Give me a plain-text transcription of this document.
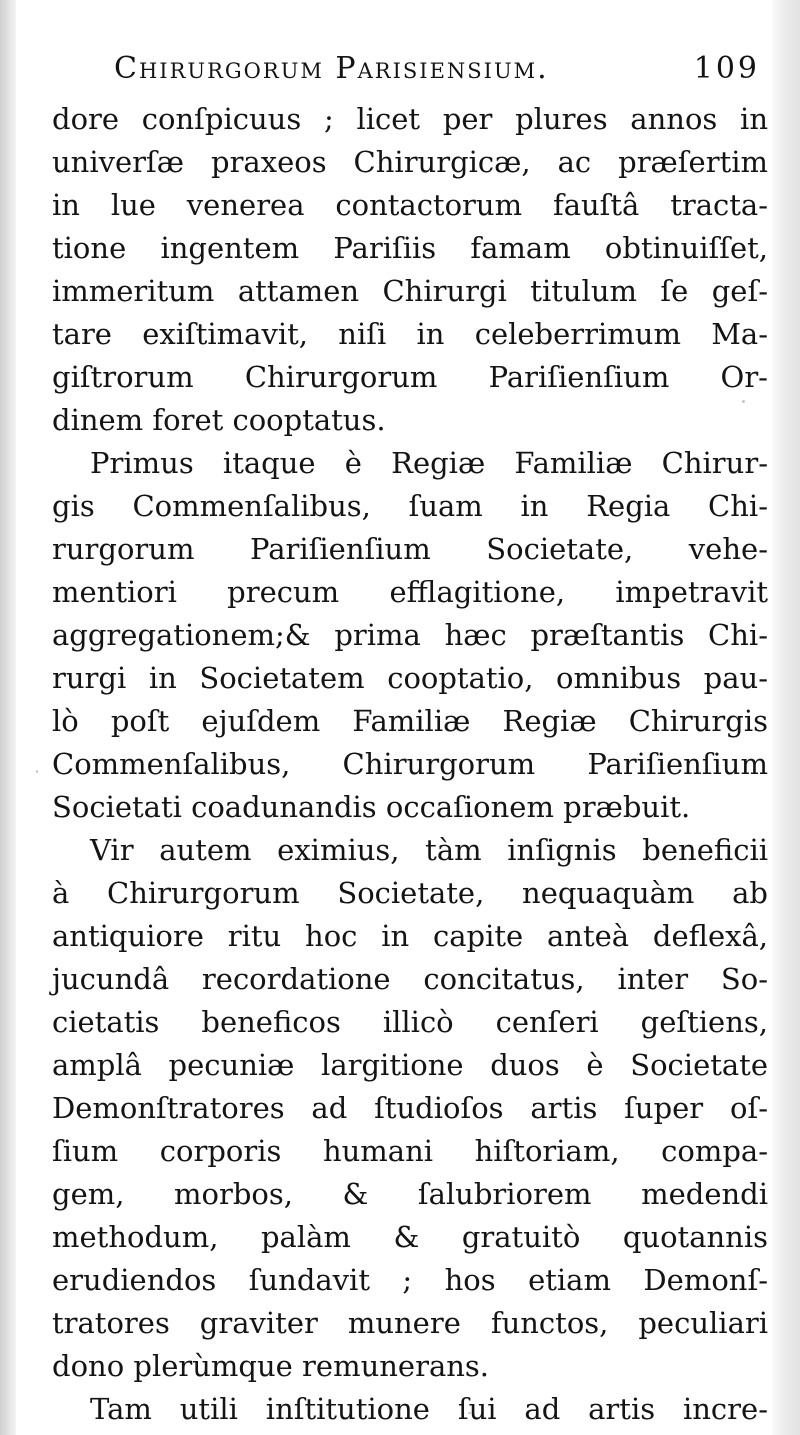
Chirurgorum Parisiensium.	109
dore conſpicuus ; licet per plures annos in
univerſæ praxeos Chirurgicæ, ac præſertim
in lue venerea contactorum fauſtâ tracta-
tione ingentem Pariſiis famam obtinuiſſet,
immeritum attamen Chirurgi titulum ſe geſ-
tare exiſtimavit, niſi in celeberrimum Ma-
giſtrorum Chirurgorum Pariſienſium Or-
dinem foret cooptatus.
Primus itaque è Regiæ Familiæ Chirur-
gis Commenſalibus, ſuam in Regia Chi-
rurgorum Pariſienſium Societate, vehe-
mentiori precum efflagitione, impetravit
aggregationem;& prima hæc præſtantis Chi-
rurgi in Societatem cooptatio, omnibus pau-
lò poſt ejuſdem Familiæ Regiæ Chirurgis
Commenſalibus, Chirurgorum Pariſienſium
Societati coadunandis occaſionem præbuit.
Vir autem eximius, tàm inſignis beneficii
à Chirurgorum Societate, nequaquàm ab
antiquiore ritu hoc in capite anteà deflexâ,
jucundâ recordatione concitatus, inter So-
cietatis beneficos illicò cenſeri geſtiens,
amplâ pecuniæ largitione duos è Societate
Demonſtratores ad ſtudioſos artis ſuper oſ-
ſium corporis humani hiſtoriam, compa-
gem, morbos, & ſalubriorem medendi
methodum, palàm & gratuitò quotannis
erudiendos ſundavit ; hos etiam Demonſ-
tratores graviter munere functos, peculiari
dono plerùmque remunerans.
Tam utili inſtitutione ſui ad artis incre-
